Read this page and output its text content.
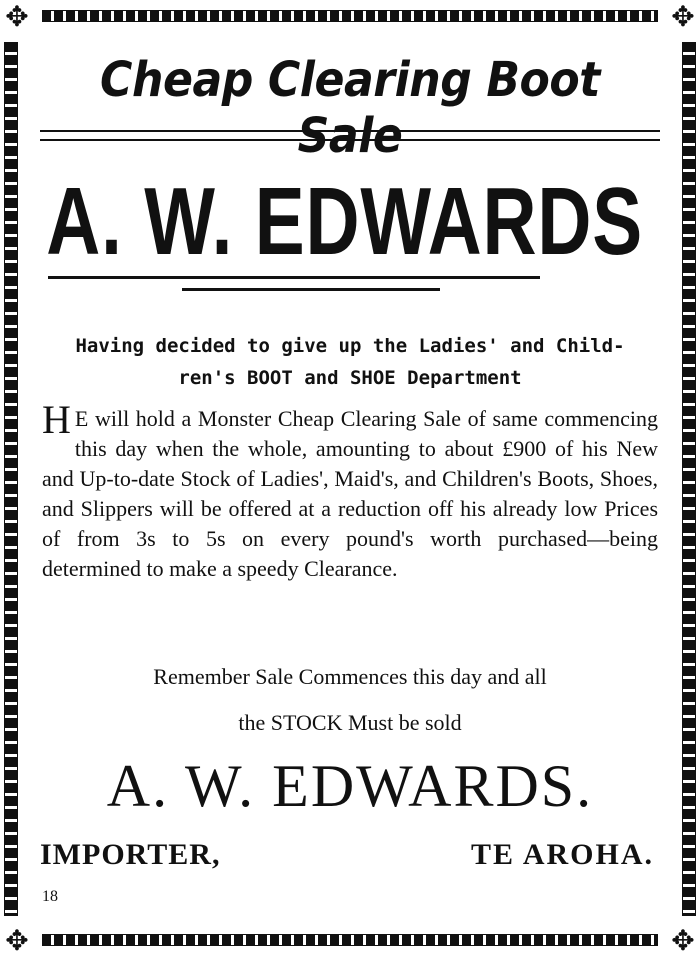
✥	✥
✥	✥
Cheap Clearing Boot Sale
A. W. EDWARDS
Having decided to give up the Ladies' and Child-
ren's BOOT and SHOE Department
H E will hold a Monster Cheap Clearing Sale of same commencing this day when the whole, amounting to about £900 of his New and Up-to-date Stock of Ladies', Maid's, and Children's Boots, Shoes, and Slippers will be offered at a reduction off his already low Prices of from 3s to 5s on every pound's worth purchased—being determined to make a speedy Clearance.
Remember Sale Commences this day and all
the STOCK Must be sold
A. W. EDWARDS.
IMPORTER,	TE AROHA.
18
